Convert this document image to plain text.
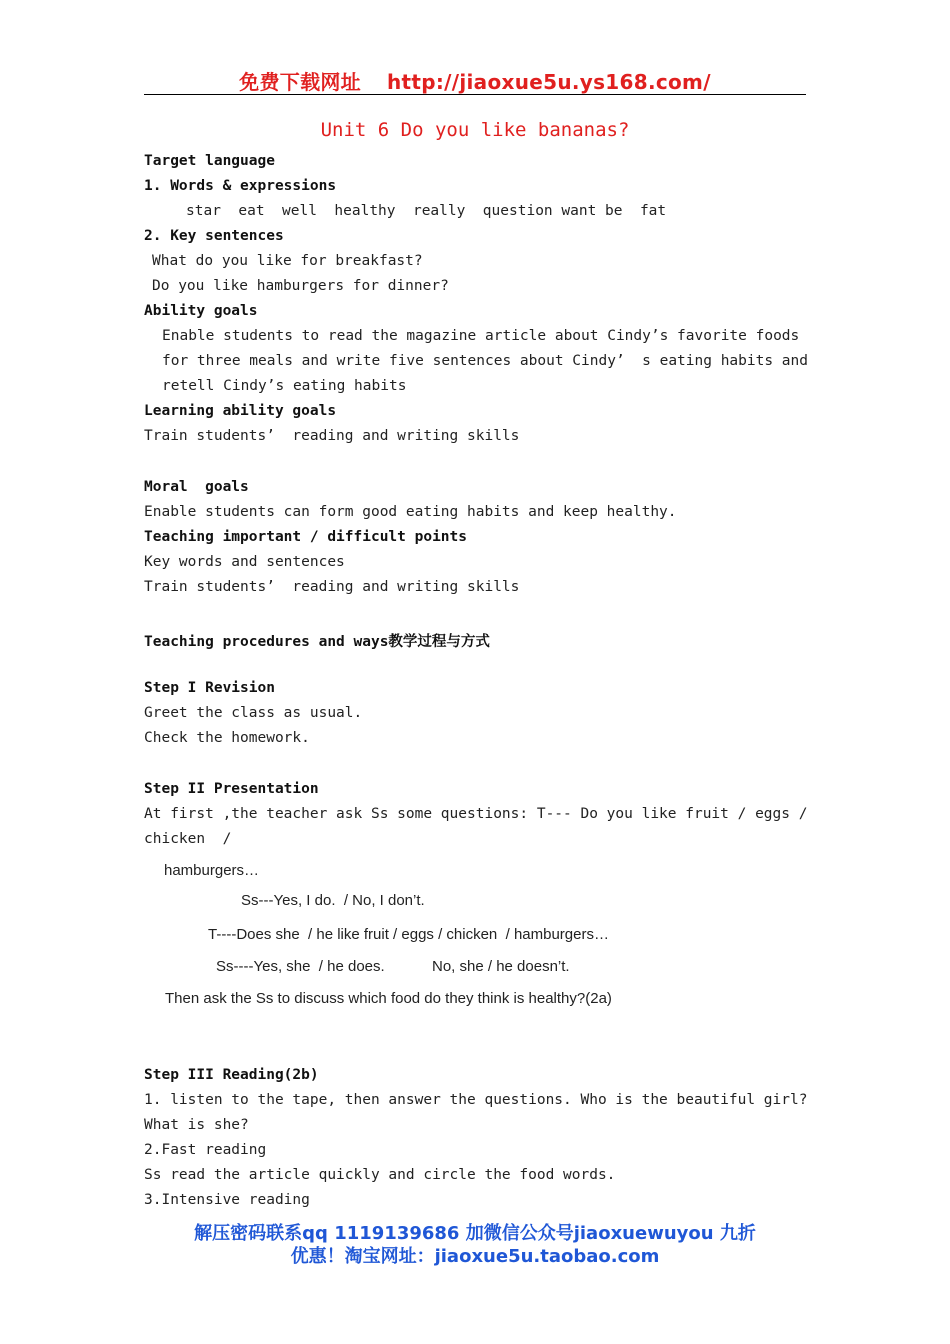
免费下载网址 http://jiaoxue5u.ys168.com/
Unit 6 Do you like bananas?
Target language
1. Words & expressions
star  eat  well  healthy  really  question want be  fat
2. Key sentences
What do you like for breakfast?
Do you like hamburgers for dinner?
Ability goals
Enable students to read the magazine article about Cindy’s favorite foods
for three meals and write five sentences about Cindy’  s eating habits and
retell Cindy’s eating habits
Learning ability goals
Train students’  reading and writing skills
Moral  goals
Enable students can form good eating habits and keep healthy.
Teaching important / difficult points
Key words and sentences
Train students’  reading and writing skills
Teaching procedures and ways教学过程与方式
Step I Revision
Greet the class as usual.
Check the homework.
Step II Presentation
At first ,the teacher ask Ss some questions: T--- Do you like fruit / eggs /
chicken  /
hamburgers…
Ss---Yes, I do.  / No, I don’t.
T----Does she  / he like fruit / eggs / chicken  / hamburgers…
Ss----Yes, she  / he does.	No, she / he doesn’t.
Then ask the Ss to discuss which food do they think is healthy?(2a)
Step III Reading(2b)
1. listen to the tape, then answer the questions. Who is the beautiful girl?
What is she?
2.Fast reading
Ss read the article quickly and circle the food words.
3.Intensive reading
解压密码联系qq 1119139686 加微信公众号jiaoxuewuyou 九折
优惠！淘宝网址：jiaoxue5u.taobao.com
